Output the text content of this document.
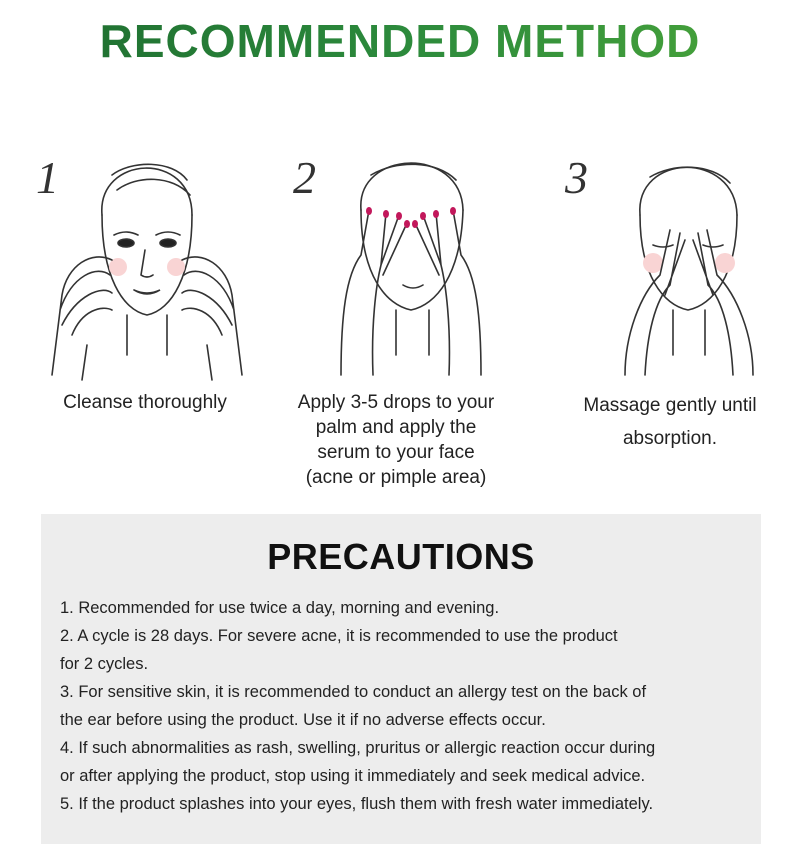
RECOMMENDED METHOD
1
Cleanse thoroughly
2
Apply 3-5 drops to your
palm and apply the
serum to your face
(acne or pimple area)
3
Massage gently until
absorption.
PRECAUTIONS

1. Recommended for use twice a day, morning and evening.

2. A cycle is 28 days. For severe acne, it is recommended to use the product

for 2 cycles.

3. For sensitive skin, it is recommended to conduct an allergy test on the back of

the ear before using the product. Use it if no adverse effects occur.

4. If such abnormalities as rash, swelling, pruritus or allergic reaction occur during

or after applying the product, stop using it immediately and seek medical advice.

5. If the product splashes into your eyes, flush them with fresh water immediately.
